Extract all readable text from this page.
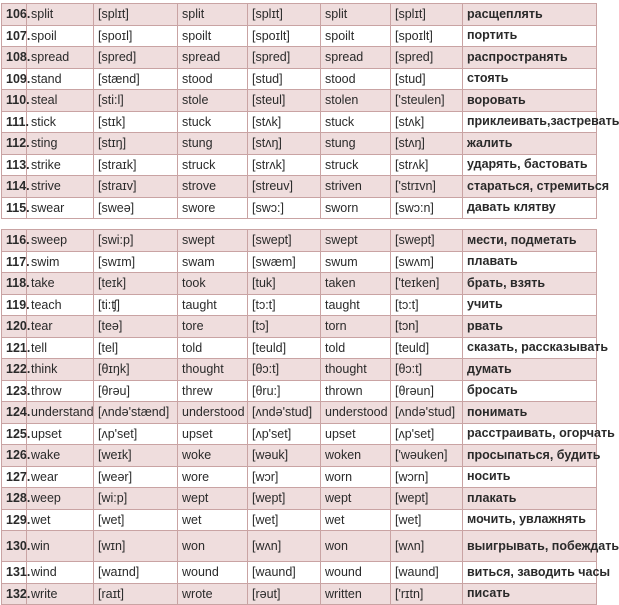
106.	split	[splɪt]	split	[splɪt]	split	[splɪt]	расщеплять
107.	spoil	[spoɪl]	spoilt	[spoɪlt]	spoilt	[spoɪlt]	портить
108.	spread	[spred]	spread	[spred]	spread	[spred]	распространять
109.	stand	[stænd]	stood	[stud]	stood	[stud]	стоять
110.	steal	[sti:l]	stole	[steul]	stolen	['steulen]	воровать
111.	stick	[stɪk]	stuck	[stʌk]	stuck	[stʌk]	приклеивать,застревать
112.	sting	[stɪŋ]	stung	[stʌŋ]	stung	[stʌŋ]	жалить
113.	strike	[straɪk]	struck	[strʌk]	struck	[strʌk]	ударять, бастовать
114.	strive	[straɪv]	strove	[streuv]	striven	['strɪvn]	стараться, стремиться
115.	swear	[sweə]	swore	[swɔ:]	sworn	[swɔ:n]	давать клятву
116.	sweep	[swi:p]	swept	[swept]	swept	[swept]	мести, подметать
117.	swim	[swɪm]	swam	[swæm]	swum	[swʌm]	плавать
118.	take	[teɪk]	took	[tuk]	taken	['teɪken]	брать, взять
119.	teach	[ti:ʧ]	taught	[tɔ:t]	taught	[tɔ:t]	учить
120.	tear	[teə]	tore	[tɔ]	torn	[tɔn]	рвать
121.	tell	[tel]	told	[teuld]	told	[teuld]	сказать, рассказывать
122.	think	[θɪŋk]	thought	[θɔ:t]	thought	[θɔ:t]	думать
123.	throw	[θrəu]	threw	[θru:]	thrown	[θrəun]	бросать
124.	understand	[ʌndə'stænd]	understood	[ʌndə'stud]	understood	[ʌndə'stud]	понимать
125.	upset	[ʌp'set]	upset	[ʌp'set]	upset	[ʌp'set]	расстраивать, огорчать
126.	wake	[weɪk]	woke	[wəuk]	woken	['wəuken]	просыпаться, будить
127.	wear	[weər]	wore	[wɔr]	worn	[wɔrn]	носить
128.	weep	[wi:p]	wept	[wept]	wept	[wept]	плакать
129.	wet	[wet]	wet	[wet]	wet	[wet]	мочить, увлажнять
130.	win	[wɪn]	won	[wʌn]	won	[wʌn]	выигрывать, побеждать
131.	wind	[waɪnd]	wound	[waund]	wound	[waund]	виться, заводить часы
132.	write	[raɪt]	wrote	[rəut]	written	['rɪtn]	писать
